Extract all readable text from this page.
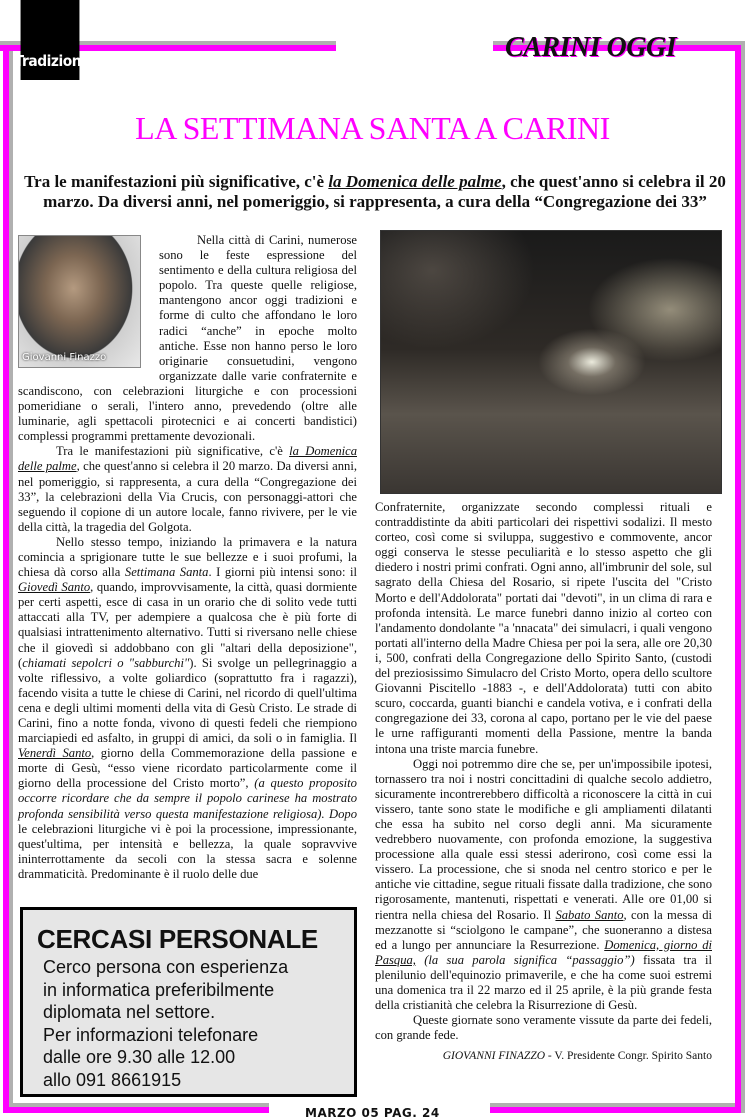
Tradizioni	CARINI OGGI
LA SETTIMANA SANTA A CARINI
Tra le manifestazioni più significative, c'è la Domenica delle palme, che quest'anno si celebra il 20 marzo. Da diversi anni, nel pomeriggio, si rappresenta, a cura della “Congregazione dei 33”
Giovanni Finazzo

Nella città di Carini, numerose sono le feste espressione del sentimento e della cultura religiosa del popolo. Tra queste quelle religiose, mantengono ancor oggi tradizioni e forme di culto che affondano le loro radici “anche” in epoche molto antiche. Esse non hanno perso le loro originarie consuetudini, vengono organizzate dalle varie confraternite e scandiscono, con celebrazioni liturgiche e con processioni pomeridiane o serali, l'intero anno, prevedendo (oltre alle luminarie, agli spettacoli pirotecnici e ai concerti bandistici) complessi programmi prettamente devozionali.

Tra le manifestazioni più significative, c'è la Domenica delle palme, che quest'anno si celebra il 20 marzo. Da diversi anni, nel pomeriggio, si rappresenta, a cura della “Congregazione dei 33”, la celebrazioni della Via Crucis, con personaggi-attori che seguendo il copione di un autore locale, fanno rivivere, per le vie della città, la tragedia del Golgota.

Nello stesso tempo, iniziando la primavera e la natura comincia a sprigionare tutte le sue bellezze e i suoi profumi, la chiesa dà corso alla Settimana Santa. I giorni più intensi sono: il Giovedì Santo, quando, improvvisamente, la città, quasi dormiente per certi aspetti, esce di casa in un orario che di solito vede tutti attaccati alla TV, per adempiere a qualcosa che è più forte di qualsiasi intrattenimento alternativo. Tutti si riversano nelle chiese che il giovedì si addobbano con gli "altari della deposizione", (chiamati sepolcri o "sabburchi"). Si svolge un pellegrinaggio a volte riflessivo, a volte goliardico (soprattutto fra i ragazzi), facendo visita a tutte le chiese di Carini, nel ricordo di quell'ultima cena e degli ultimi momenti della vita di Gesù Cristo. Le strade di Carini, fino a notte fonda, vivono di questi fedeli che riempiono marciapiedi ed asfalto, in gruppi di amici, da soli o in famiglia. Il Venerdì Santo, giorno della Commemorazione della passione e morte di Gesù, “esso viene ricordato particolarmente come il giorno della processione del Cristo morto”, (a questo proposito occorre ricordare che da sempre il popolo carinese ha mostrato profonda sensibilità verso questa manifestazione religiosa). Dopo le celebrazioni liturgiche vi è poi la processione, impressionante, quest'ultima, per intensità e bellezza, la quale sopravvive ininterrottamente da secoli con la stessa sacra e solenne drammaticità. Predominante è il ruolo delle due

Confraternite, organizzate secondo complessi rituali e contraddistinte da abiti particolari dei rispettivi sodalizi. Il mesto corteo, così come si sviluppa, suggestivo e commovente, ancor oggi conserva le stesse peculiarità e lo stesso aspetto che gli diedero i nostri primi confrati. Ogni anno, all'imbrunir del sole, sul sagrato della Chiesa del Rosario, si ripete l'uscita del "Cristo Morto e dell'Addolorata" portati dai "devoti", in un clima di rara e profonda intensità. Le marce funebri danno inizio al corteo con l'andamento dondolante "a 'nnacata" dei simulacri, i quali vengono portati all'interno della Madre Chiesa per poi la sera, alle ore 20,30 i, 500, confrati della Congregazione dello Spirito Santo, (custodi del preziosissimo Simulacro del Cristo Morto, opera dello scultore Giovanni Piscitello -1883 -, e dell'Addolorata) tutti con abito scuro, coccarda, guanti bianchi e candela votiva, e i confrati della congregazione dei 33, corona al capo, portano per le vie del paese le urne raffiguranti momenti della Passione, mentre la banda intona una triste marcia funebre.

Oggi noi potremmo dire che se, per un'impossibile ipotesi, tornassero tra noi i nostri concittadini di qualche secolo addietro, sicuramente incontrerebbero difficoltà a riconoscere la città in cui vissero, tante sono state le modifiche e gli ampliamenti dilatanti che essa ha subito nel corso degli anni. Ma sicuramente vedrebbero nuovamente, con profonda emozione, la suggestiva processione alla quale essi stessi aderirono, così come essi la vissero. La processione, che si snoda nel centro storico e per le antiche vie cittadine, segue rituali fissate dalla tradizione, che sono rigorosamente, mantenuti, rispettati e venerati. Alle ore 01,00 si rientra nella chiesa del Rosario. Il Sabato Santo, con la messa di mezzanotte si “sciolgono le campane”, che suoneranno a distesa ed a lungo per annunciare la Resurrezione. Domenica, giorno di Pasqua, (la sua parola significa “passaggio”) fissata tra il plenilunio dell'equinozio primaverile, e che ha come suoi estremi una domenica tra il 22 marzo ed il 25 aprile, è la più grande festa della cristianità che celebra la Risurrezione di Gesù.

Queste giornate sono veramente vissute da parte dei fedeli, con grande fede.

GIOVANNI FINAZZO - V. Presidente Congr. Spirito Santo
CERCASI PERSONALE
Cerco persona con esperienza
in informatica preferibilmente
diplomata nel settore.
Per informazioni telefonare
dalle ore 9.30 alle 12.00
allo 091 8661915
MARZO 05 PAG. 24
